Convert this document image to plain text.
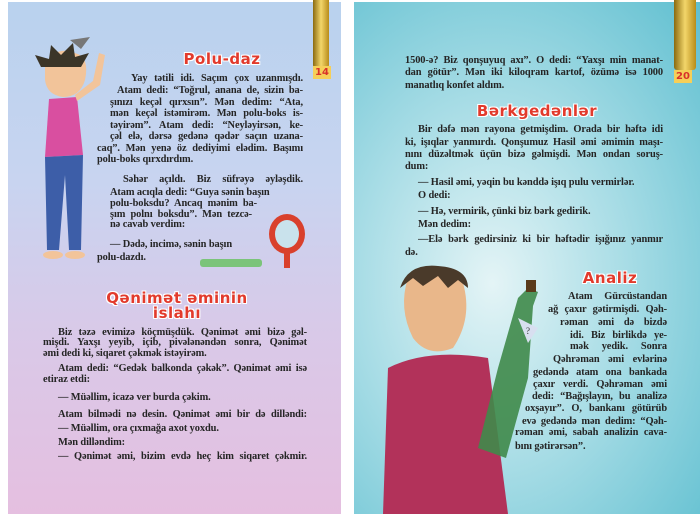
?
14	20
Polu-daz
Yay tətili idi. Saçım çox uzanmışdı.
Atam dedi: “Toğrul, anana de, sizin ba-
şınızı keçəl qırxsın”. Mən dedim: “Ata,
mən keçəl istəmirəm. Mən polu-boks is-
təyirəm”. Atam dedi: “Neyləyirsən, ke-
çəl elə, dərsə gedənə qədər saçın uzana-
caq”. Mən yenə öz dediyimi elədim. Başımı
polu-boks qırxdırdım.
Səhər açıldı. Biz süfrəyə əyləşdik.
Atam acıqla dedi: “Guya sənin başın
polu-boksdu? Ancaq mənim ba-
şım polnı boksdu”. Mən tezcə-
nə cavab verdim:
— Dədə, incimə, sənin başın
polu-dazdı.
Qənimət əminin
islahı
Biz təzə evimizə köçmüşdük. Qənimət əmi bizə gəl-
mişdi. Yaxşı yeyib, içib, pivələnəndən sonra, Qənimət
əmi dedi ki, siqaret çəkmək istəyirəm.
Atam dedi: “Gedək balkonda çəkək”. Qənimət əmi isə
etiraz etdi:
— Müəllim, icazə ver burda çəkim.
Atam bilmədi nə desin. Qənimət əmi bir də dilləndi:
— Müəllim, ora çıxmağa axot yoxdu.
Mən dilləndim:
— Qənimət əmi, bizim evdə heç kim siqaret çəkmir.
1500-ə? Biz qonşuyuq axı”. O dedi: “Yaxşı min manat-
dan götür”. Mən iki kiloqram kartof, özümə isə 1000
manatlıq konfet aldım.
Bərkgedənlər
Bir dəfə mən rayona getmişdim. Orada bir həftə idi
ki, işıqlar yanmırdı. Qonşumuz Hasil əmi əmimin maşı-
nını düzəltmək üçün bizə gəlmişdi. Mən ondan soruş-
dum:
— Hasil əmi, yəqin bu kənddə işıq pulu vermirlər.
O dedi:
— Hə, vermirik, çünki biz bərk gedirik.
Mən dedim:
—Elə bərk gedirsiniz ki bir həftədir işığınız yanmır
də.
Analiz
Atam Gürcüstandan
ağ çaxır gətirmişdi. Qəh-
rəman əmi də bizdə
idi. Biz birlikdə ye-
mək yedik. Sonra
Qəhrəman əmi evlərinə
gedəndə atam ona bankada
çaxır verdi. Qəhrəman əmi
dedi: “Bağışlayın, bu analizə
oxşayır”. O, bankanı götürüb
evə gedəndə mən dedim: “Qəh-
rəman əmi, sabah analizin cava-
bını gətirərsən”.
